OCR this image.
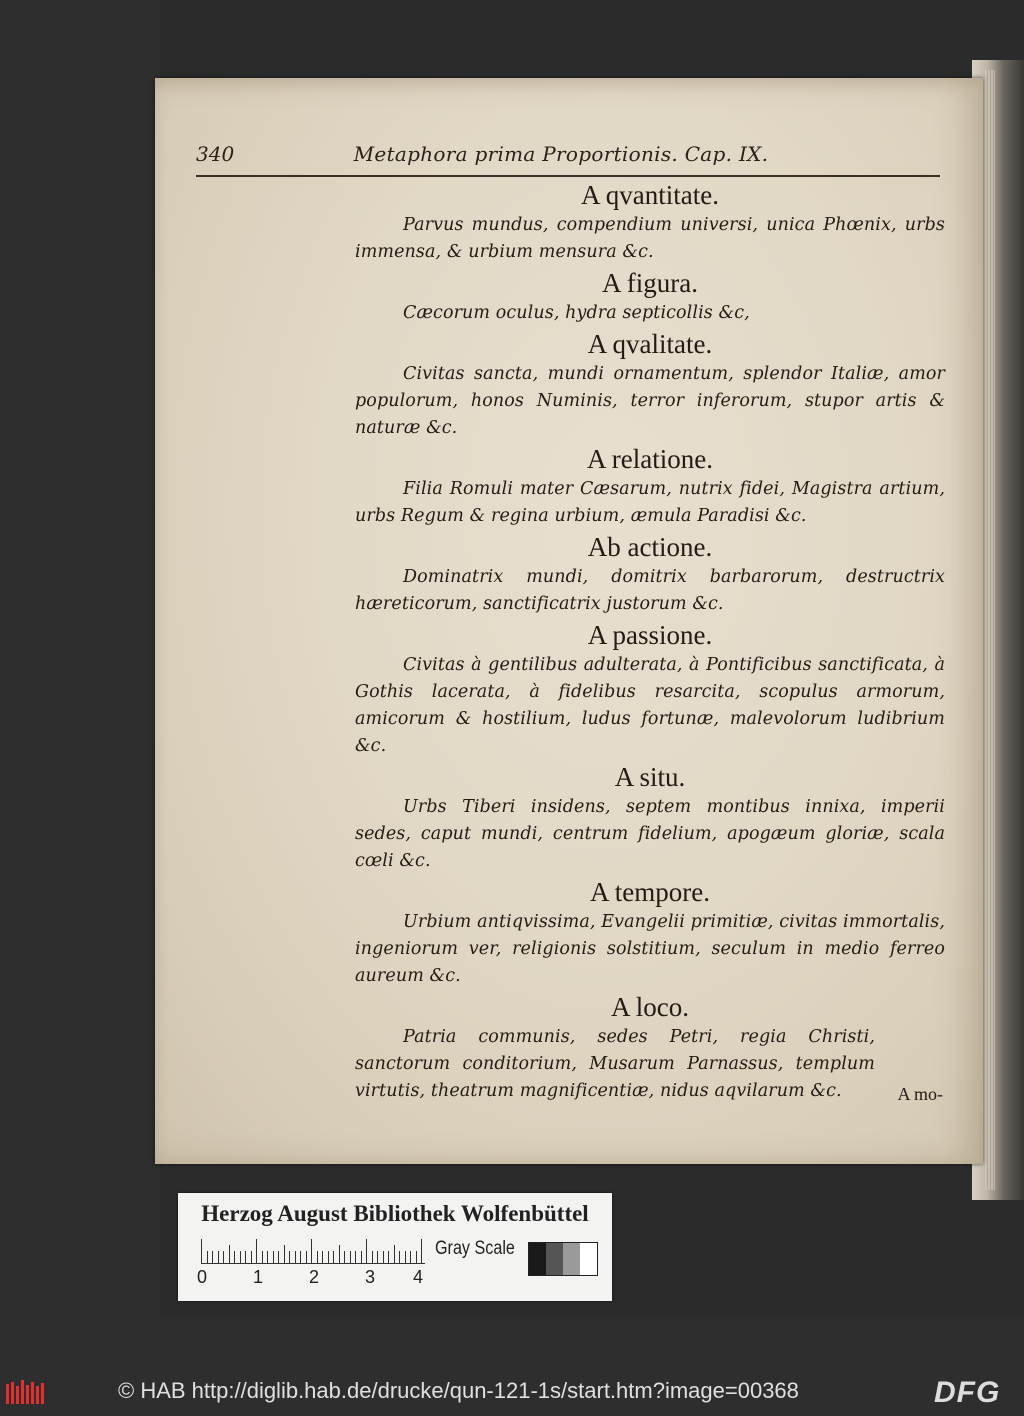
340	Metaphora prima Proportionis. Cap. IX.
A qvantitate.

Parvus mundus, compendium universi, unica Phœnix, urbs immensa, & urbium mensura &c.

A figura.

Cæcorum oculus, hydra septicollis &c,

A qvalitate.

Civitas sancta, mundi ornamentum, splendor Italiæ, amor populorum, honos Numinis, terror inferorum, stupor artis & naturæ &c.

A relatione.

Filia Romuli mater Cæsarum, nutrix fidei, Magistra artium, urbs Regum & regina urbium, æmula Paradisi &c.

Ab actione.

Dominatrix mundi, domitrix barbarorum, destructrix hæreticorum, sanctificatrix justorum &c.

A passione.

Civitas à gentilibus adulterata, à Pontificibus sanctificata, à Gothis lacerata, à fidelibus resarcita, scopulus armorum, amicorum & hostilium, ludus fortunæ, malevolorum ludibrium &c.

A situ.

Urbs Tiberi insidens, septem montibus innixa, imperii sedes, caput mundi, centrum fidelium, apogæum gloriæ, scala cœli &c.

A tempore.

Urbium antiqvissima, Evangelii primitiæ, civitas immortalis, ingeniorum ver, religionis solstitium, seculum in medio ferreo aureum &c.

A loco.

Patria communis, sedes Petri, regia Christi, sanctorum conditorium, Musarum Parnassus, templum virtutis, theatrum magnificentiæ, nidus aqvilarum &c.	A mo-
Herzog August Bibliothek Wolfenbüttel
0	1	2	3 4
Gray Scale
© HAB http://diglib.hab.de/drucke/qun-121-1s/start.htm?image=00368	DFG
